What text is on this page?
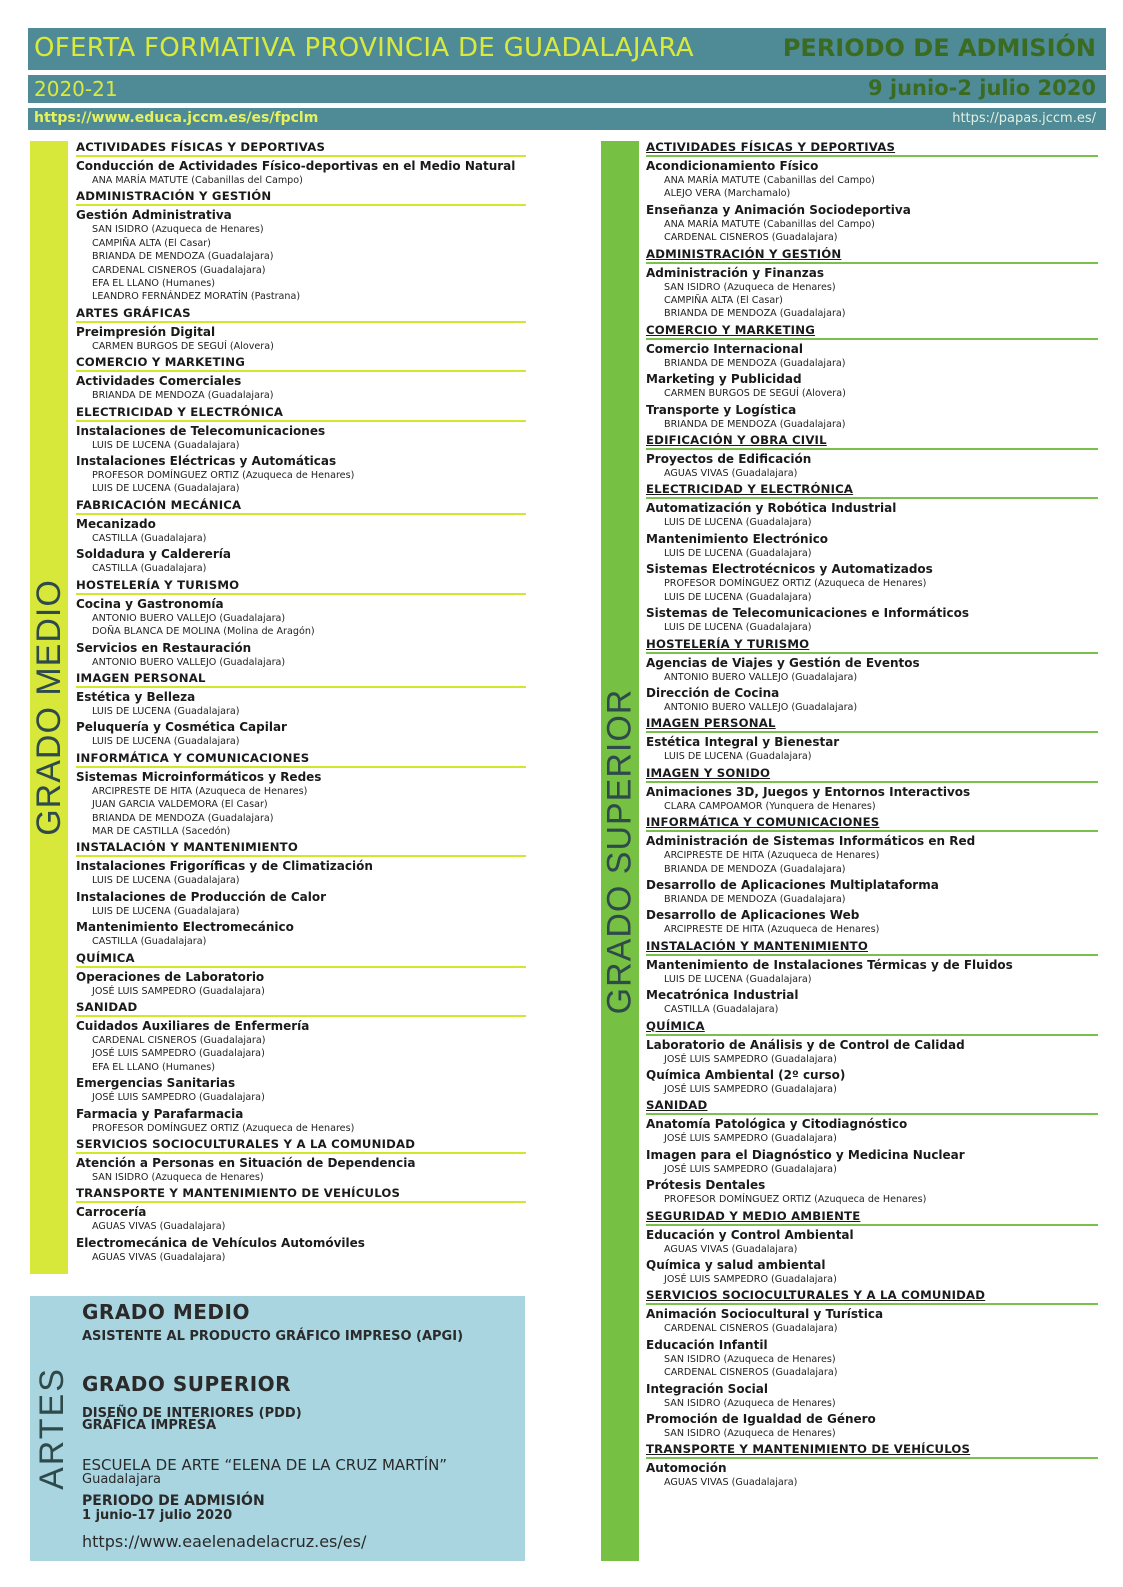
OFERTA FORMATIVA PROVINCIA DE GUADALAJARA	PERIODO DE ADMISIÓN
2020-21	9 junio-2 julio 2020
https://www.educa.jccm.es/es/fpclm	https://papas.jccm.es/
GRADO MEDIO	GRADO SUPERIOR
ACTIVIDADES FÍSICAS Y DEPORTIVAS
Conducción de Actividades Físico-deportivas en el Medio Natural
ANA MARÍA MATUTE (Cabanillas del Campo)
ADMINISTRACIÓN Y GESTIÓN
Gestión Administrativa
SAN ISIDRO (Azuqueca de Henares)
CAMPIÑA ALTA (El Casar)
BRIANDA DE MENDOZA (Guadalajara)
CARDENAL CISNEROS (Guadalajara)
EFA EL LLANO (Humanes)
LEANDRO FERNÁNDEZ MORATÍN (Pastrana)
ARTES GRÁFICAS
Preimpresión Digital
CARMEN BURGOS DE SEGUÍ (Alovera)
COMERCIO Y MARKETING
Actividades Comerciales
BRIANDA DE MENDOZA (Guadalajara)
ELECTRICIDAD Y ELECTRÓNICA
Instalaciones de Telecomunicaciones
LUIS DE LUCENA (Guadalajara)
Instalaciones Eléctricas y Automáticas
PROFESOR DOMÍNGUEZ ORTIZ (Azuqueca de Henares)
LUIS DE LUCENA (Guadalajara)
FABRICACIÓN MECÁNICA
Mecanizado
CASTILLA (Guadalajara)
Soldadura y Calderería
CASTILLA (Guadalajara)
HOSTELERÍA Y TURISMO
Cocina y Gastronomía
ANTONIO BUERO VALLEJO (Guadalajara)
DOÑA BLANCA DE MOLINA (Molina de Aragón)
Servicios en Restauración
ANTONIO BUERO VALLEJO (Guadalajara)
IMAGEN PERSONAL
Estética y Belleza
LUIS DE LUCENA (Guadalajara)
Peluquería y Cosmética Capilar
LUIS DE LUCENA (Guadalajara)
INFORMÁTICA Y COMUNICACIONES
Sistemas Microinformáticos y Redes
ARCIPRESTE DE HITA (Azuqueca de Henares)
JUAN GARCIA VALDEMORA (El Casar)
BRIANDA DE MENDOZA (Guadalajara)
MAR DE CASTILLA (Sacedón)
INSTALACIÓN Y MANTENIMIENTO
Instalaciones Frigoríficas y de Climatización
LUIS DE LUCENA (Guadalajara)
Instalaciones de Producción de Calor
LUIS DE LUCENA (Guadalajara)
Mantenimiento Electromecánico
CASTILLA (Guadalajara)
QUÍMICA
Operaciones de Laboratorio
JOSÉ LUIS SAMPEDRO (Guadalajara)
SANIDAD
Cuidados Auxiliares de Enfermería
CARDENAL CISNEROS (Guadalajara)
JOSÉ LUIS SAMPEDRO (Guadalajara)
EFA EL LLANO (Humanes)
Emergencias Sanitarias
JOSÉ LUIS SAMPEDRO (Guadalajara)
Farmacia y Parafarmacia
PROFESOR DOMÍNGUEZ ORTIZ (Azuqueca de Henares)
SERVICIOS SOCIOCULTURALES Y A LA COMUNIDAD
Atención a Personas en Situación de Dependencia
SAN ISIDRO (Azuqueca de Henares)
TRANSPORTE Y MANTENIMIENTO DE VEHÍCULOS
Carrocería
AGUAS VIVAS (Guadalajara)
Electromecánica de Vehículos Automóviles
AGUAS VIVAS (Guadalajara)
ACTIVIDADES FÍSICAS Y DEPORTIVAS
Acondicionamiento Físico
ANA MARÍA MATUTE (Cabanillas del Campo)
ALEJO VERA (Marchamalo)
Enseñanza y Animación Sociodeportiva
ANA MARÍA MATUTE (Cabanillas del Campo)
CARDENAL CISNEROS (Guadalajara)
ADMINISTRACIÓN Y GESTIÓN
Administración y Finanzas
SAN ISIDRO (Azuqueca de Henares)
CAMPIÑA ALTA (El Casar)
BRIANDA DE MENDOZA (Guadalajara)
COMERCIO Y MARKETING
Comercio Internacional
BRIANDA DE MENDOZA (Guadalajara)
Marketing y Publicidad
CARMEN BURGOS DE SEGUÍ (Alovera)
Transporte y Logística
BRIANDA DE MENDOZA (Guadalajara)
EDIFICACIÓN Y OBRA CIVIL
Proyectos de Edificación
AGUAS VIVAS (Guadalajara)
ELECTRICIDAD Y ELECTRÓNICA
Automatización y Robótica Industrial
LUIS DE LUCENA (Guadalajara)
Mantenimiento Electrónico
LUIS DE LUCENA (Guadalajara)
Sistemas Electrotécnicos y Automatizados
PROFESOR DOMÍNGUEZ ORTIZ (Azuqueca de Henares)
LUIS DE LUCENA (Guadalajara)
Sistemas de Telecomunicaciones e Informáticos
LUIS DE LUCENA (Guadalajara)
HOSTELERÍA Y TURISMO
Agencias de Viajes y Gestión de Eventos
ANTONIO BUERO VALLEJO (Guadalajara)
Dirección de Cocina
ANTONIO BUERO VALLEJO (Guadalajara)
IMAGEN PERSONAL
Estética Integral y Bienestar
LUIS DE LUCENA (Guadalajara)
IMAGEN Y SONIDO
Animaciones 3D, Juegos y Entornos Interactivos
CLARA CAMPOAMOR (Yunquera de Henares)
INFORMÁTICA Y COMUNICACIONES
Administración de Sistemas Informáticos en Red
ARCIPRESTE DE HITA (Azuqueca de Henares)
BRIANDA DE MENDOZA (Guadalajara)
Desarrollo de Aplicaciones Multiplataforma
BRIANDA DE MENDOZA (Guadalajara)
Desarrollo de Aplicaciones Web
ARCIPRESTE DE HITA (Azuqueca de Henares)
INSTALACIÓN Y MANTENIMIENTO
Mantenimiento de Instalaciones Térmicas y de Fluidos
LUIS DE LUCENA (Guadalajara)
Mecatrónica Industrial
CASTILLA (Guadalajara)
QUÍMICA
Laboratorio de Análisis y de Control de Calidad
JOSÉ LUIS SAMPEDRO (Guadalajara)
Química Ambiental (2º curso)
JOSÉ LUIS SAMPEDRO (Guadalajara)
SANIDAD
Anatomía Patológica y Citodiagnóstico
JOSÉ LUIS SAMPEDRO (Guadalajara)
Imagen para el Diagnóstico y Medicina Nuclear
JOSÉ LUIS SAMPEDRO (Guadalajara)
Prótesis Dentales
PROFESOR DOMÍNGUEZ ORTIZ (Azuqueca de Henares)
SEGURIDAD Y MEDIO AMBIENTE
Educación y Control Ambiental
AGUAS VIVAS (Guadalajara)
Química y salud ambiental
JOSÉ LUIS SAMPEDRO (Guadalajara)
SERVICIOS SOCIOCULTURALES Y A LA COMUNIDAD
Animación Sociocultural y Turística
CARDENAL CISNEROS (Guadalajara)
Educación Infantil
SAN ISIDRO (Azuqueca de Henares)
CARDENAL CISNEROS (Guadalajara)
Integración Social
SAN ISIDRO (Azuqueca de Henares)
Promoción de Igualdad de Género
SAN ISIDRO (Azuqueca de Henares)
TRANSPORTE Y MANTENIMIENTO DE VEHÍCULOS
Automoción
AGUAS VIVAS (Guadalajara)
ARTES
GRADO MEDIO
ASISTENTE AL PRODUCTO GRÁFICO IMPRESO (APGI)
GRADO SUPERIOR
DISEÑO DE INTERIORES (PDD)
GRÁFICA IMPRESA
ESCUELA DE ARTE “ELENA DE LA CRUZ MARTÍN”
Guadalajara
PERIODO DE ADMISIÓN
1 junio-17 julio 2020
https://www.eaelenadelacruz.es/es/
